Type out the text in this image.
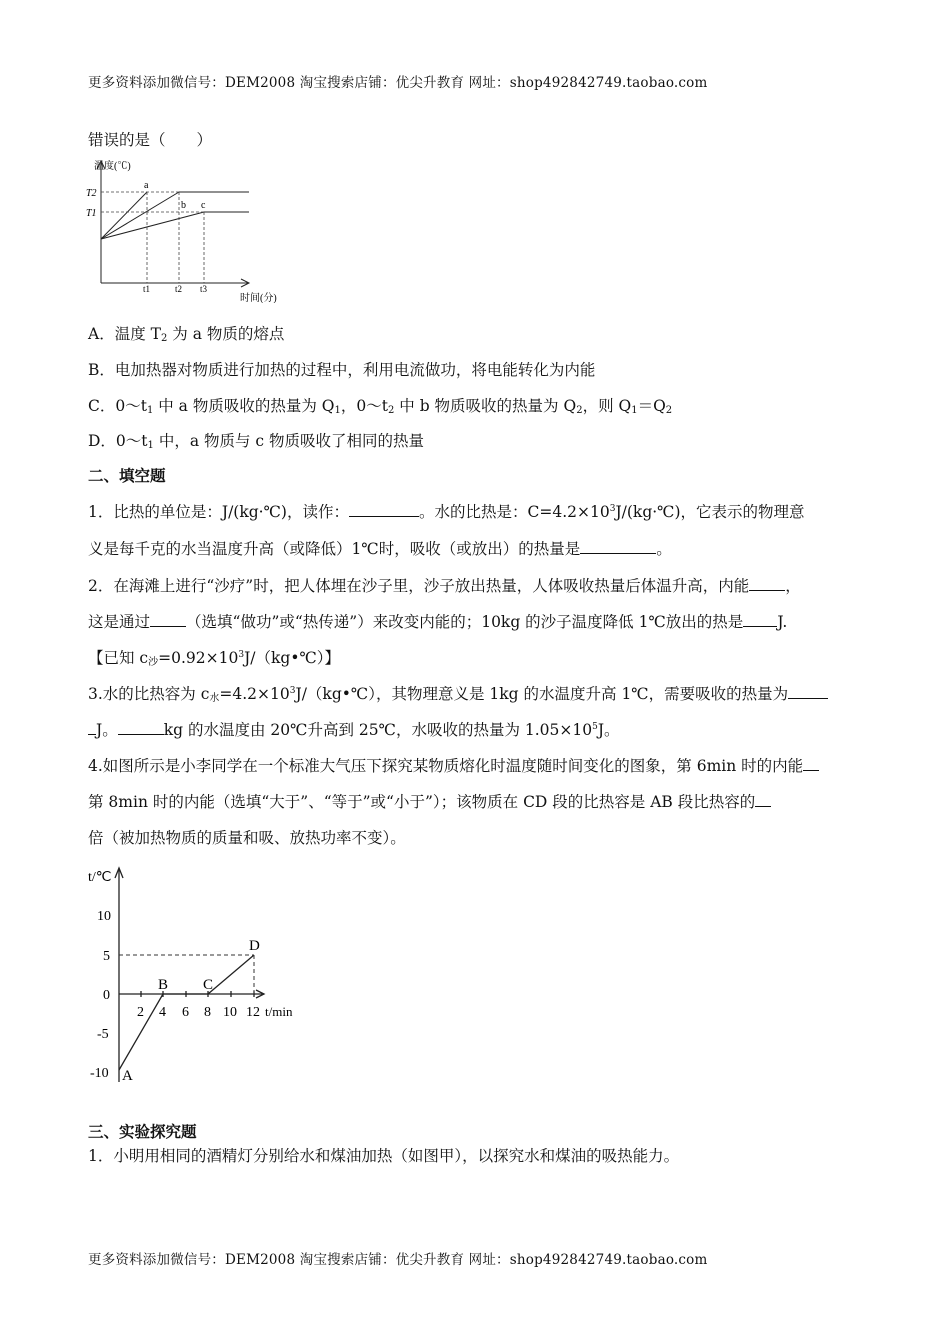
更多资料添加微信号：DEM2008 淘宝搜索店铺：优尖升教育 网址：shop492842749.taobao.com
错误的是（　　）
温度(℃)
T2
T1
t1	t2 t3
时间(分)
a
b c
A．温度 $T_2$ 为 a 物质的熔点
B．电加热器对物质进行加热的过程中，利用电流做功，将电能转化为内能
C．$0\sim t_1$ 中 a 物质吸收的热量为 $Q_1$，$0\sim t_2$ 中 b 物质吸收的热量为 $Q_2$，则 $Q_1=Q_2$
D．$0\sim t_1$ 中，a 物质与 c 物质吸收了相同的热量
二、填空题
1．比热的单位是：J/(kg·℃)，读作：	。水的比热是：$C=4.2\times 10^3J/(kg\cdot℃)$，它表示的物理意
义是每千克的水当温度升高（或降低）1℃时，吸收（或放出）的热量是	。
2．在海滩上进行“沙疗”时，把人体埋在沙子里，沙子放出热量，人体吸收热量后体温升高，内能 ，
这是通过 （选填“做功”或“热传递”）来改变内能的；10kg 的沙子温度降低 1℃放出的热是 J.
【已知 $c_沙=0.92\times 10^3J/(kg•℃)$】
3.水的比热容为 $c_水=4.2\times 10^3J/(kg•℃)$，其物理意义是 1kg 的水温度升高 1℃，需要吸收的热量为
J。	kg 的水温度由 20℃升高到 25℃，水吸收的热量为 $1.05\times 10^5J$。
4.如图所示是小李同学在一个标准大气压下探究某物质熔化时温度随时间变化的图象，第 6min 时的内能
第 8min 时的内能（选填“大于”、“等于”或“小于”）；该物质在 CD 段的比热容是 AB 段比热容的
倍（被加热物质的质量和吸、放热功率不变）。
t/℃
10
5
0
-5
-10
2 4 6 8 10 12 t/min
A
B C
D
三、实验探究题
1．小明用相同的酒精灯分别给水和煤油加热（如图甲），以探究水和煤油的吸热能力。
更多资料添加微信号：DEM2008 淘宝搜索店铺：优尖升教育 网址：shop492842749.taobao.com
